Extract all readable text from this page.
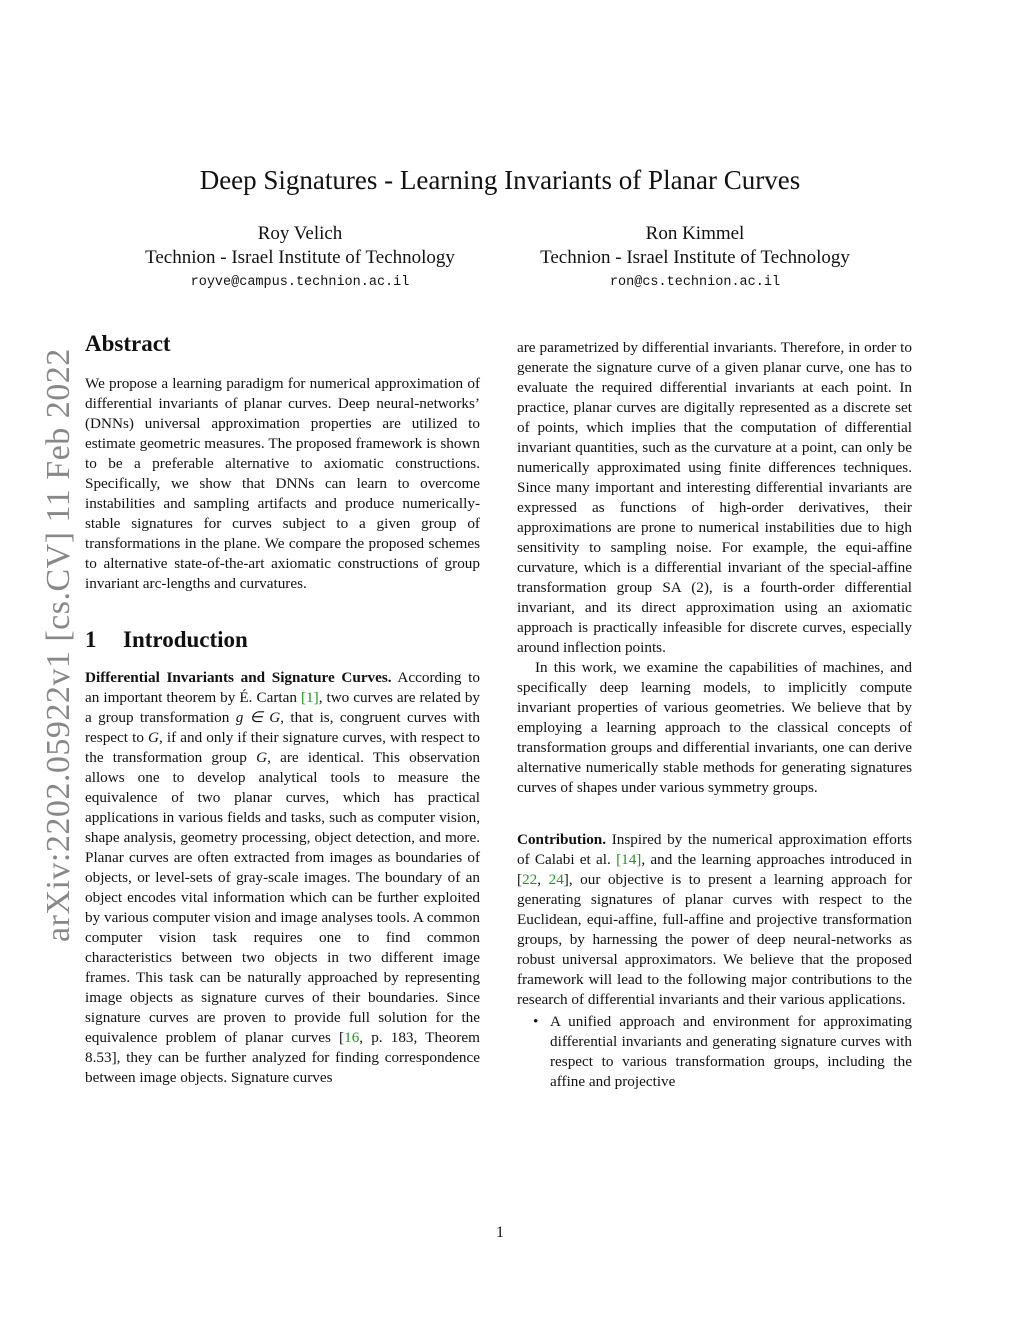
arXiv:2202.05922v1 [cs.CV] 11 Feb 2022
Deep Signatures - Learning Invariants of Planar Curves
Roy Velich
Technion - Israel Institute of Technology
royve@campus.technion.ac.il
Ron Kimmel
Technion - Israel Institute of Technology
ron@cs.technion.ac.il
Abstract

We propose a learning paradigm for numerical approximation of differential invariants of planar curves. Deep neural-networks’ (DNNs) universal approximation properties are utilized to estimate geometric measures. The proposed framework is shown to be a preferable alternative to axiomatic constructions. Specifically, we show that DNNs can learn to overcome instabilities and sampling artifacts and produce numerically-stable signatures for curves subject to a given group of transformations in the plane. We compare the proposed schemes to alternative state-of-the-art axiomatic constructions of group invariant arc-lengths and curvatures.

1 Introduction

Differential Invariants and Signature Curves. According to an important theorem by É. Cartan [1], two curves are related by a group transformation g ∈ G, that is, congruent curves with respect to G, if and only if their signature curves, with respect to the transformation group G, are identical. This observation allows one to develop analytical tools to measure the equivalence of two planar curves, which has practical applications in various fields and tasks, such as computer vision, shape analysis, geometry processing, object detection, and more. Planar curves are often extracted from images as boundaries of objects, or level-sets of gray-scale images. The boundary of an object encodes vital information which can be further exploited by various computer vision and image analyses tools. A common computer vision task requires one to find common characteristics between two objects in two different image frames. This task can be naturally approached by representing image objects as signature curves of their boundaries. Since signature curves are proven to provide full solution for the equivalence problem of planar curves [16, p. 183, Theorem 8.53], they can be further analyzed for finding correspondence between image objects. Signature curves

are parametrized by differential invariants. Therefore, in order to generate the signature curve of a given planar curve, one has to evaluate the required differential invariants at each point. In practice, planar curves are digitally represented as a discrete set of points, which implies that the computation of differential invariant quantities, such as the curvature at a point, can only be numerically approximated using finite differences techniques. Since many important and interesting differential invariants are expressed as functions of high-order derivatives, their approximations are prone to numerical instabilities due to high sensitivity to sampling noise. For example, the equi-affine curvature, which is a differential invariant of the special-affine transformation group SA (2), is a fourth-order differential invariant, and its direct approximation using an axiomatic approach is practically infeasible for discrete curves, especially around inflection points.

In this work, we examine the capabilities of machines, and specifically deep learning models, to implicitly compute invariant properties of various geometries. We believe that by employing a learning approach to the classical concepts of transformation groups and differential invariants, one can derive alternative numerically stable methods for generating signatures curves of shapes under various symmetry groups.

Contribution. Inspired by the numerical approximation efforts of Calabi et al. [14], and the learning approaches introduced in [22, 24], our objective is to present a learning approach for generating signatures of planar curves with respect to the Euclidean, equi-affine, full-affine and projective transformation groups, by harnessing the power of deep neural-networks as robust universal approximators. We believe that the proposed framework will lead to the following major contributions to the research of differential invariants and their various applications.

• A unified approach and environment for approximating differential invariants and generating signature curves with respect to various transformation groups, including the affine and projective
1
